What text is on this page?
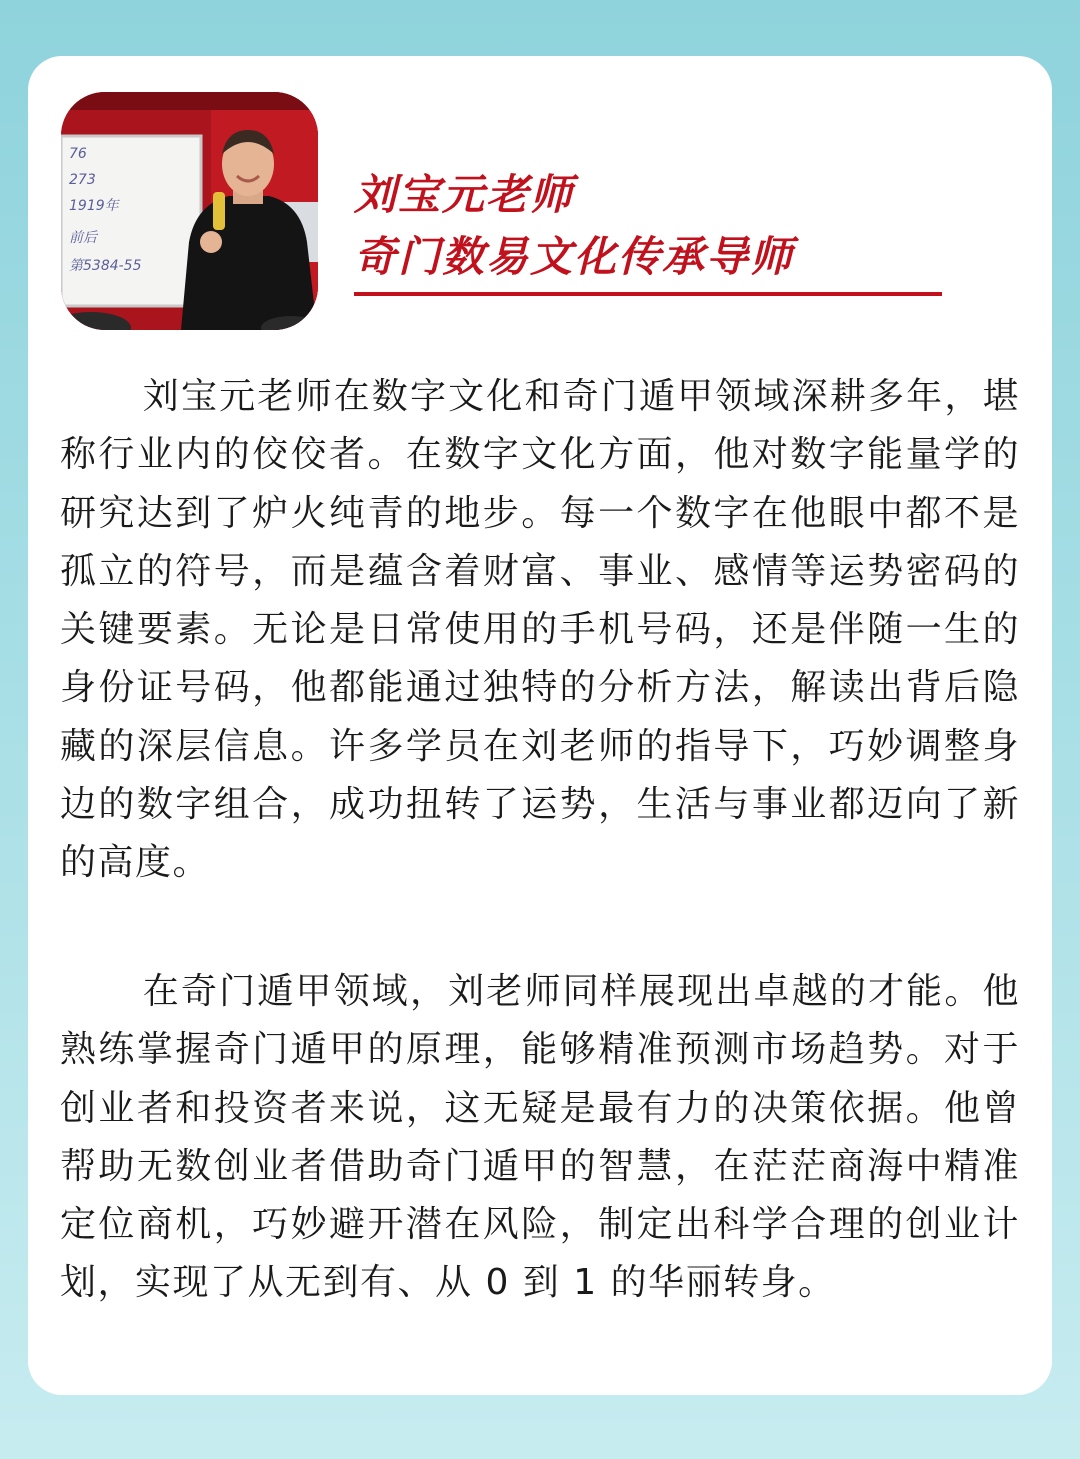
76
273
1919年
前后
第5384-55
刘宝元老师
奇门数易文化传承导师

刘宝元老师在数字文化和奇门遁甲领域深耕多年，堪称行业内的佼佼者。在数字文化方面，他对数字能量学的研究达到了炉火纯青的地步。每一个数字在他眼中都不是孤立的符号，而是蕴含着财富、事业、感情等运势密码的关键要素。无论是日常使用的手机号码，还是伴随一生的身份证号码，他都能通过独特的分析方法，解读出背后隐藏的深层信息。许多学员在刘老师的指导下，巧妙调整身边的数字组合，成功扭转了运势，生活与事业都迈向了新的高度。

在奇门遁甲领域，刘老师同样展现出卓越的才能。他熟练掌握奇门遁甲的原理，能够精准预测市场趋势。对于创业者和投资者来说，这无疑是最有力的决策依据。他曾帮助无数创业者借助奇门遁甲的智慧，在茫茫商海中精准定位商机，巧妙避开潜在风险，制定出科学合理的创业计划，实现了从无到有、从 0 到 1 的华丽转身。
